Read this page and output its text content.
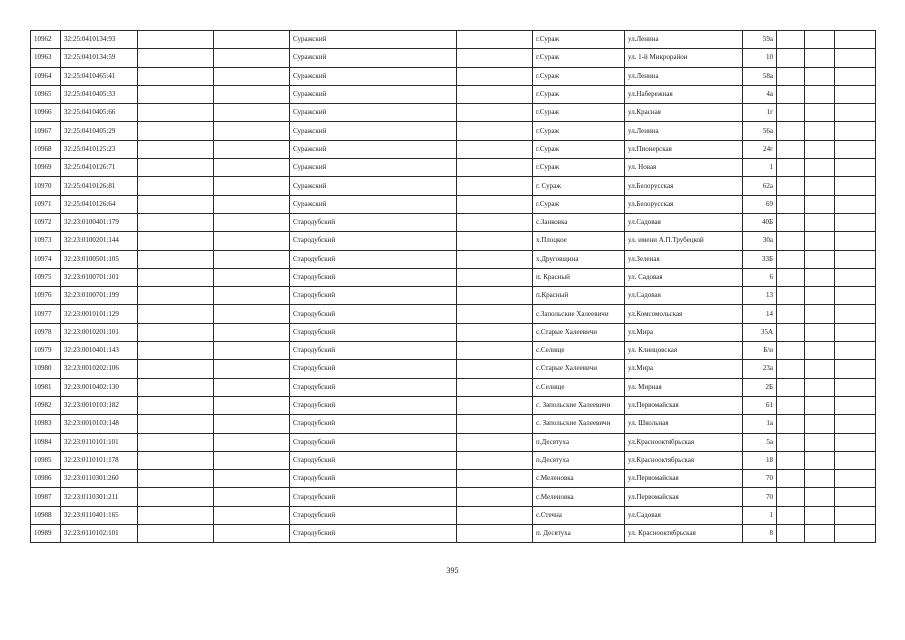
10962	32:25:0410134:93			Суражский		г.Сураж	ул.Ленина	59а			
10963	32:25:0410134:59			Суражский		г.Сураж	ул. 1-й Микрорайон	10			
10964	32:25:0410465:41			Суражский		г.Сураж	ул.Ленина	58а			
10965	32:25:0410405:33			Суражский		г.Сураж	ул.Набережная	4а			
10966	32:25:0410405:66			Суражский		г.Сураж	ул.Красная	1г			
10967	32:25:0410405:29			Суражский		г.Сураж	ул.Ленина	56а			
10968	32:25:0410125:23			Суражский		г.Сураж	ул.Пионерская	24г			
10969	32:25:0410126:71			Суражский		г.Сураж	ул. Новая	1			
10970	32:25:0410126:81			Суражский		г. Сураж	ул.Белорусская	62а			
10971	32:25:0410126:64			Суражский		г.Сураж	ул.Белорусская	69			
10972	32:23:0100401:179			Стародубский		с.Занковка	ул.Садовая	40Б			
10973	32:23:0100201:144			Стародубский		х.Плоцкое	ул. имени А.П.Трубецкой	30а			
10974	32:23:0100501:105			Стародубский		х.Друговщина	ул.Зеленая	33Б			
10975	32:23:0100701:101			Стародубский		п. Красный	ул. Садовая	6			
10976	32:23:0100701:199			Стародубский		п.Красный	ул.Садовая	13			
10977	32:23:0010101:129			Стародубский		с.Запольские Халеевичи	ул.Комсомольская	14			
10978	32:23:0010201:101			Стародубский		с.Старые Халеевичи	ул.Мира	35А			
10979	32:23:0010401:143			Стародубский		с.Селище	ул. Клинцовская	Б/н			
10980	32:23:0010202:106			Стародубский		с.Старые Халеевичи	ул.Мира	23а			
10981	32:23:0010402:130			Стародубский		с.Селище	ул. Мирная	2Б			
10982	32:23:0010103:182			Стародубский		с. Запольские Халеевичи	ул.Первомайская	61			
10983	32:23:0010103:148			Стародубский		с. Запольские Халеевичи	ул. Школьная	1а			
10984	32:23:0110101:101			Стародубский		п.Десятуха	ул.Краснооктябрьская	5а			
10985	32:23:0110101:178			Стародубский		п.Десятуха	ул.Краснооктябрьская	18			
10986	32:23:0110301:260			Стародубский		с.Меленовка	ул.Первомайская	70			
10987	32:23:0110301:211			Стародубский		с.Меленовка	ул.Первомайская	70			
10988	32:23:0110401:165			Стародубский		с.Стечна	ул.Садовая	1			
10989	32:23:0110102:101			Стародубский		п. Десятуха	ул. Краснооктябрьская	8			
395
